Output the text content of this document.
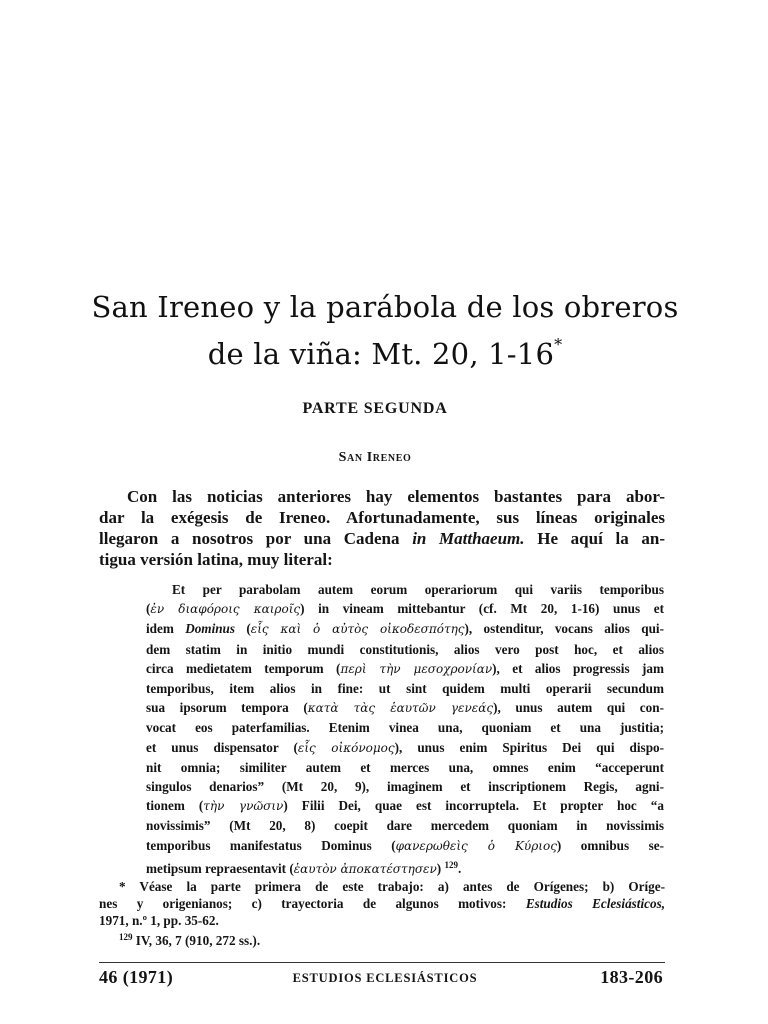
San Ireneo y la parábola de los obreros
de la viña: Mt. 20, 1-16*
PARTE SEGUNDA
San Ireneo
Con las noticias anteriores hay elementos bastantes para abor-
dar la exégesis de Ireneo. Afortunadamente, sus líneas originales
llegaron a nosotros por una Cadena in Matthaeum. He aquí la an-
tigua versión latina, muy literal:
Et per parabolam autem eorum operariorum qui variis temporibus
(ἐν διαφόροις καιροῖς) in vineam mittebantur (cf. Mt 20, 1-16) unus et
idem Dominus (εἷς καὶ ὁ αὐτὸς οἰκοδεσπότης), ostenditur, vocans alios qui-
dem statim in initio mundi constitutionis, alios vero post hoc, et alios
circa medietatem temporum (περὶ τὴν μεσοχρονίαν), et alios progressis jam
temporibus, item alios in fine: ut sint quidem multi operarii secundum
sua ipsorum tempora (κατὰ τὰς ἑαυτῶν γενεάς), unus autem qui con-
vocat eos paterfamilias. Etenim vinea una, quoniam et una justitia;
et unus dispensator (εἷς οἰκόνομος), unus enim Spiritus Dei qui dispo-
nit omnia; similiter autem et merces una, omnes enim “acceperunt
singulos denarios” (Mt 20, 9), imaginem et inscriptionem Regis, agni-
tionem (τὴν γνῶσιν) Filii Dei, quae est incorruptela. Et propter hoc “a
novissimis” (Mt 20, 8) coepit dare mercedem quoniam in novissimis
temporibus manifestatus Dominus (φανερωθεὶς ὁ Κύριος) omnibus se-
metipsum repraesentavit (ἑαυτὸν ἀποκατέστησεν) $^{129}$.
* Véase la parte primera de este trabajo: a) antes de Orígenes; b) Oríge-
nes y origenianos; c) trayectoria de algunos motivos: Estudios Eclesiásticos,
1971, n.º 1, pp. 35-62.
$^{129}$ IV, 36, 7 (910, 272 ss.).
46 (1971)	ESTUDIOS ECLESIÁSTICOS	183-206
